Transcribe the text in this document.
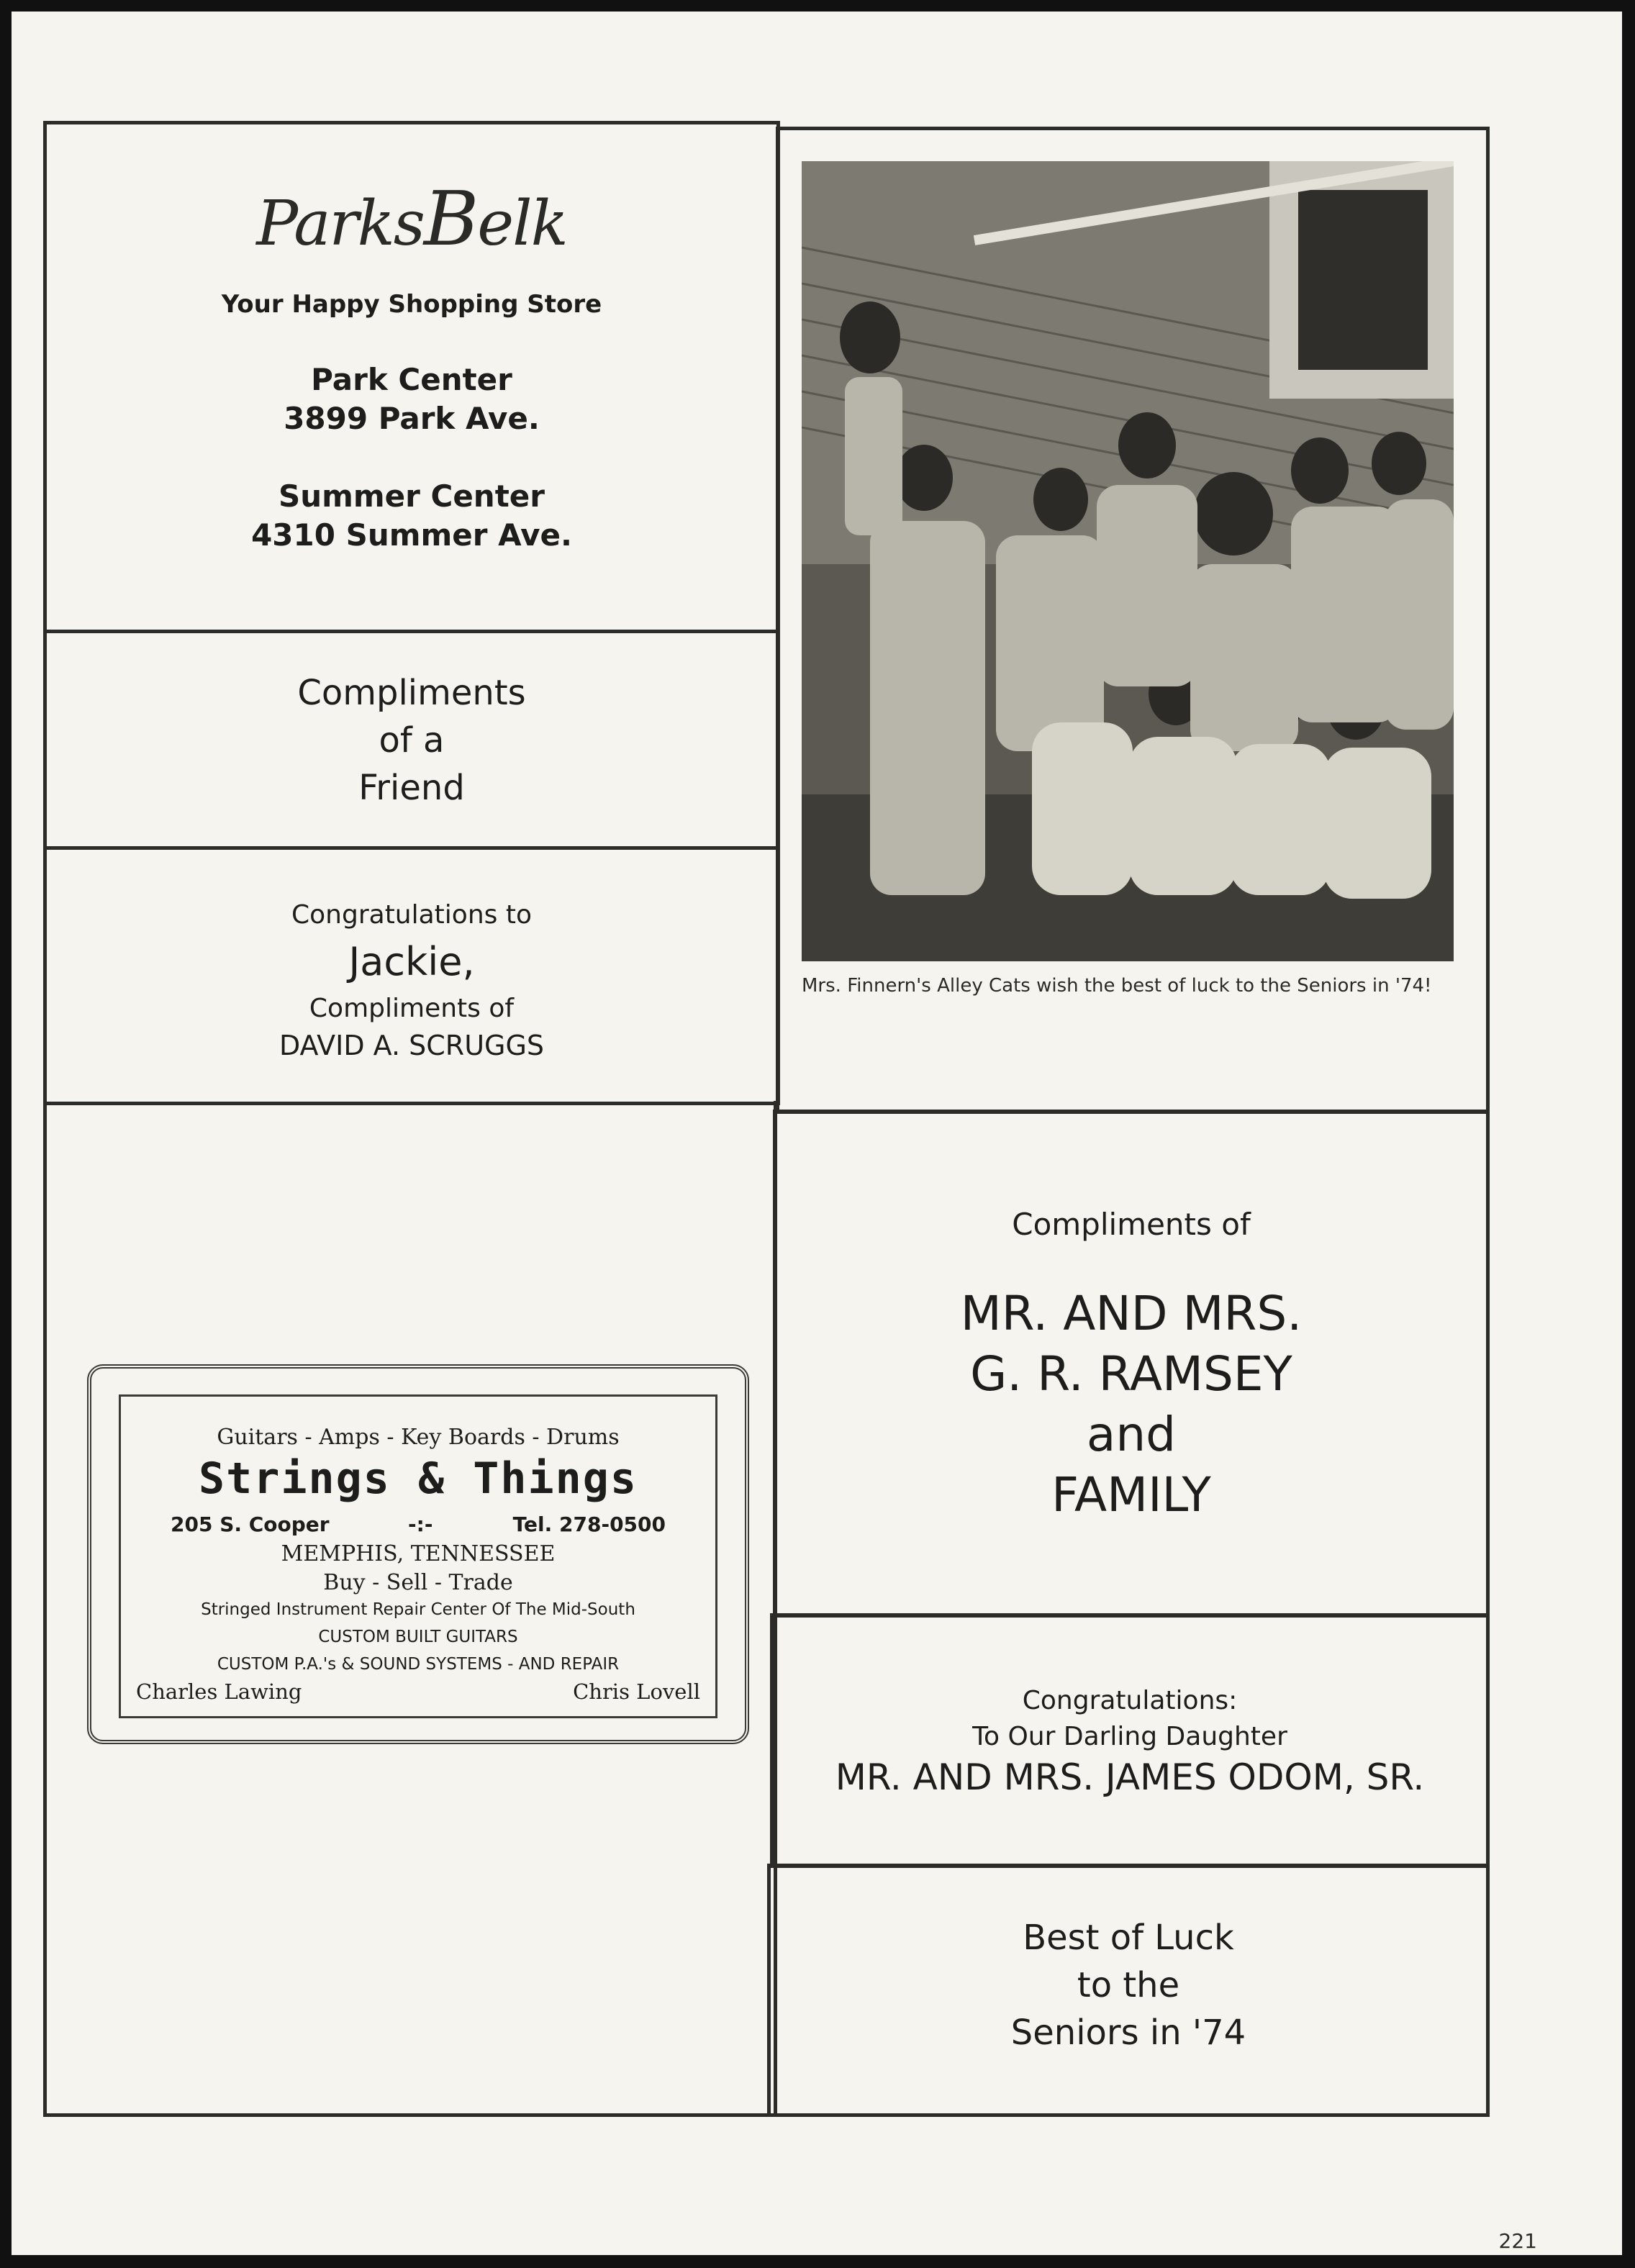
ParksBelk
Your Happy Shopping Store
Park Center
3899 Park Ave.
Summer Center
4310 Summer Ave.
Compliments
of a
Friend
Congratulations to
Jackie,
Compliments of
DAVID A. SCRUGGS
Mrs. Finnern's Alley Cats wish the best of luck to the Seniors in '74!
Compliments of
MR. AND MRS.
G. R. RAMSEY
and
FAMILY
Congratulations:
To Our Darling Daughter
MR. AND MRS. JAMES ODOM, SR.
Best of Luck
to the
Seniors in '74
Guitars - Amps - Key Boards - Drums
Strings & Things
205 S. Cooper	-:-	Tel. 278-0500
MEMPHIS, TENNESSEE
Buy - Sell - Trade
Stringed Instrument Repair Center Of The Mid-South
CUSTOM BUILT GUITARS
CUSTOM P.A.'s & SOUND SYSTEMS - AND REPAIR
Charles Lawing	Chris Lovell
221
